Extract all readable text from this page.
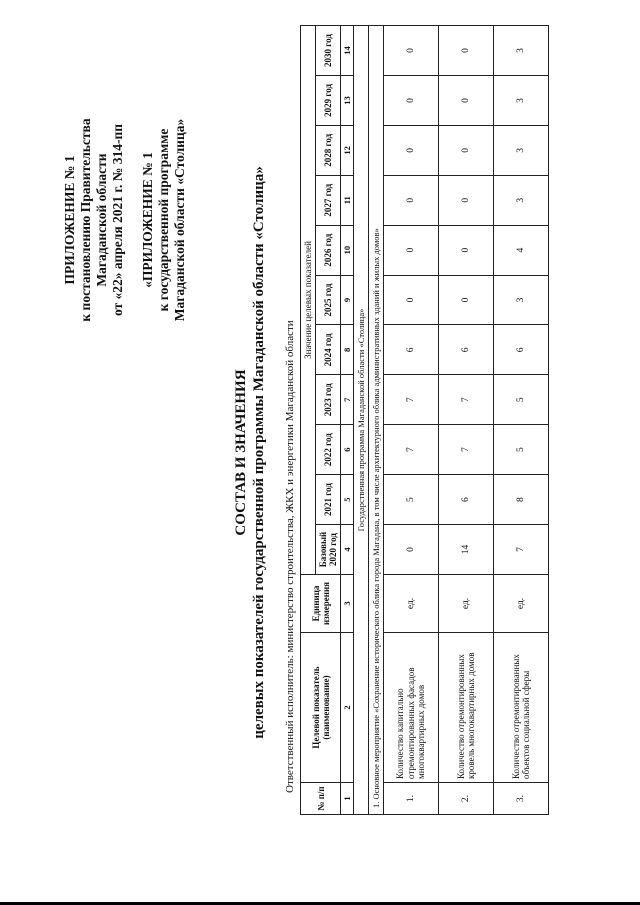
ПРИЛОЖЕНИЕ № 1 к постановлению Правительства Магаданской области от «22» апреля 2021 г. № 314-пп «ПРИЛОЖЕНИЕ № 1 к государственной программе Магаданской области «Столица»
СОСТАВ И ЗНАЧЕНИЯ целевых показателей государственной программы Магаданской области «Столица» Ответственный исполнитель: министерство строительства, ЖКХ и энергетики Магаданской области
№ п/п	Целевой показатель (наименование)	Единица измерения	Значение целевых показателей										
			Базовый 2020 год	2021 год	2022 год	2023 год	2024 год	2025 год	2026 год	2027 год	2028 год	2029 год	2030 год
1	2	3	4	5	6	7	8	9	10	11	12	13	14
Государственная программа Магаданской области «Столица»													
1. Основное мероприятие «Сохранение исторического облика города Магадана, в том числе архитектурного облика административных зданий и жилых домов»													
1.	Количество капитально отремонтированных фасадов многоквартирных домов	ед.	0	5	7	7	6	0	0	0	0	0	0
2.	Количество отремонтированных кровель многоквартирных домов	ед.	14	6	7	7	6	0	0	0	0	0	0
3.	Количество отремонтированных объектов социальной сферы	ед.	7	8	5	5	6	3	4	3	3	3	3
